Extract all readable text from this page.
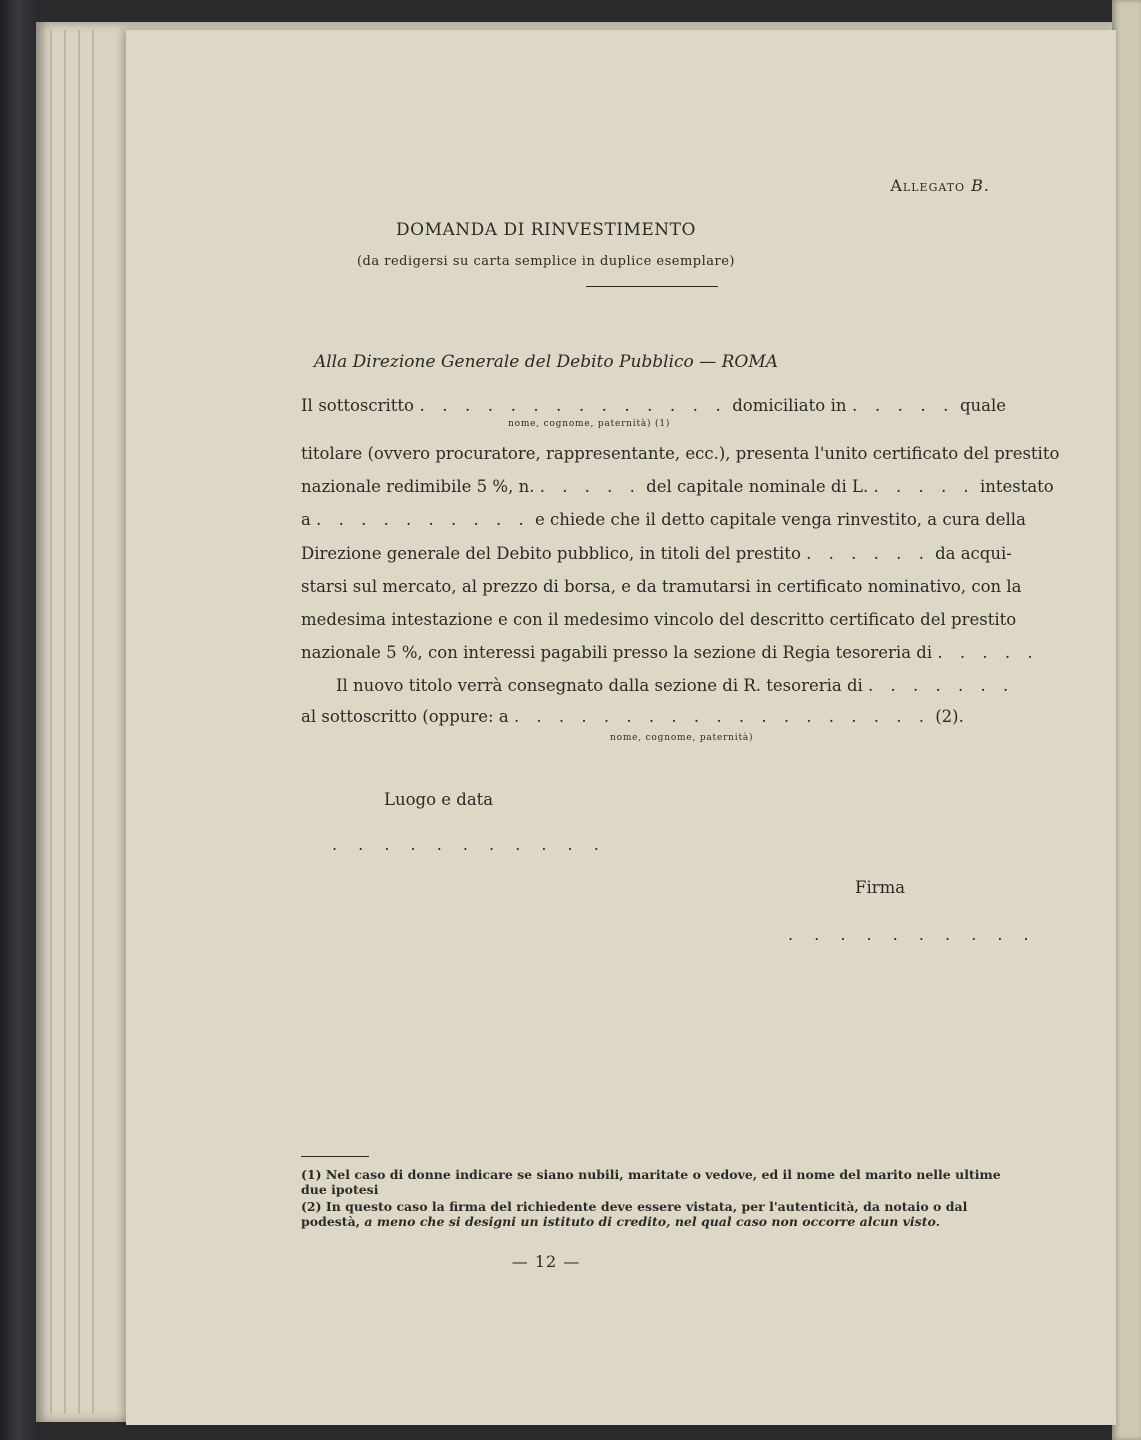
Allegato B.
DOMANDA DI RINVESTIMENTO
(da redigersi su carta semplice in duplice esemplare)
Alla Direzione Generale del Debito Pubblico — ROMA
Il sottoscritto . . . . . . . . . . . . . . domiciliato in . . . . . quale
nome, cognome, paternità) (1)
titolare (ovvero procuratore, rappresentante, ecc.), presenta l'unito certificato del prestito
nazionale redimibile 5 %, n. . . . . . del capitale nominale di L. . . . . . intestato
a . . . . . . . . . . e chiede che il detto capitale venga rinvestito, a cura della
Direzione generale del Debito pubblico, in titoli del prestito . . . . . . da acqui-
starsi sul mercato, al prezzo di borsa, e da tramutarsi in certificato nominativo, con la
medesima intestazione e con il medesimo vincolo del descritto certificato del prestito
nazionale 5 %, con interessi pagabili presso la sezione di Regia tesoreria di . . . . .
Il nuovo titolo verrà consegnato dalla sezione di R. tesoreria di . . . . . . .
al sottoscritto (oppure: a . . . . . . . . . . . . . . . . . . . (2).
nome, cognome, paternità)
Luogo e data
. . . . . . . . . . .
Firma
. . . . . . . . . .
(1) Nel caso di donne indicare se siano nubili, maritate o vedove, ed il nome del marito nelle ultime due ipotesi
(2) In questo caso la firma del richiedente deve essere vistata, per l'autenticità, da notaio o dal podestà, a meno che si designi un istituto di credito, nel qual caso non occorre alcun visto.
— 12 —
